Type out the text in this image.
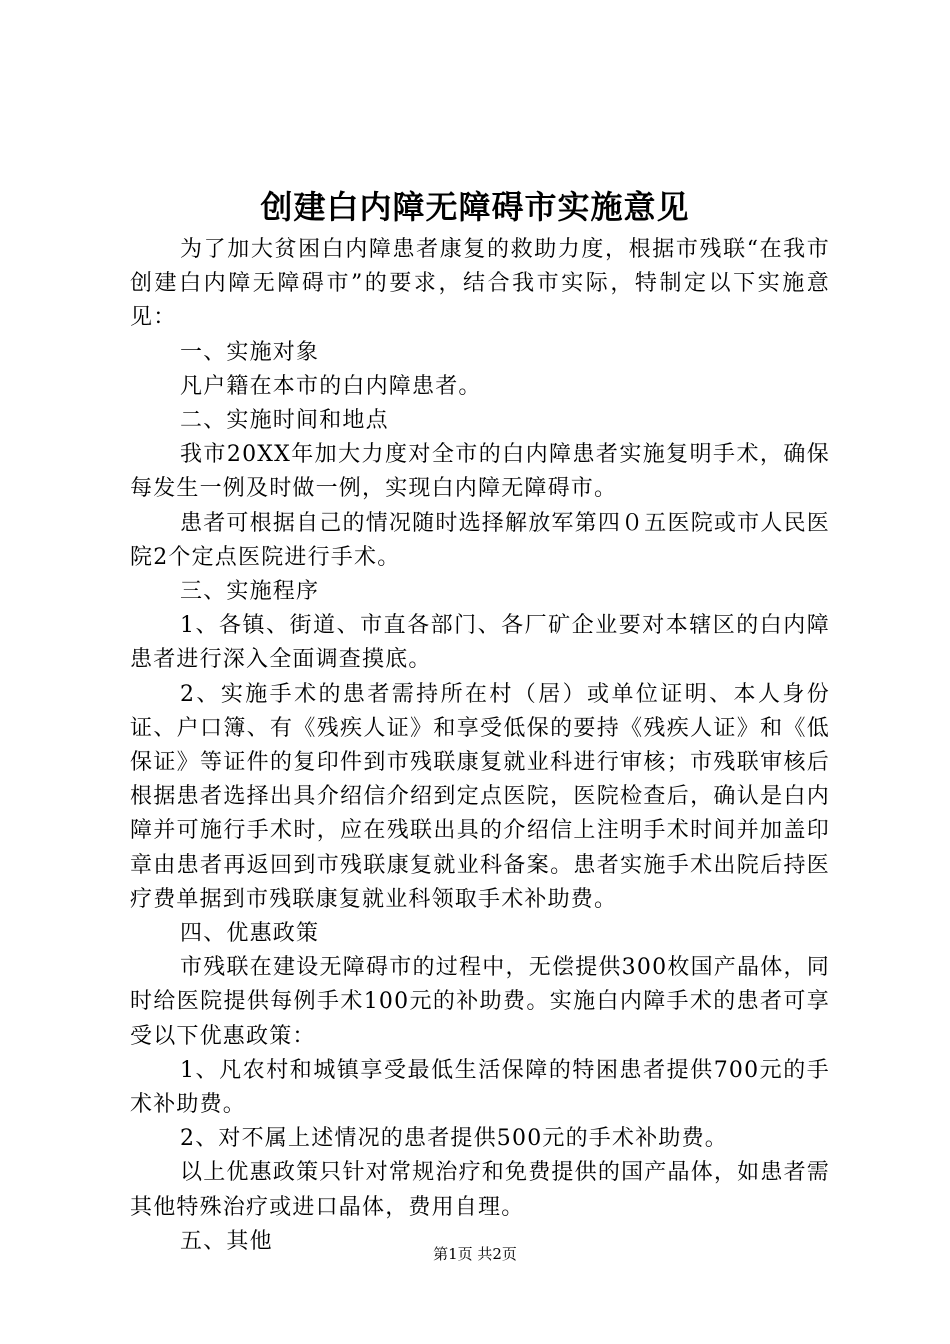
创建白内障无障碍市实施意见

为了加大贫困白内障患者康复的救助力度，根据市残联“在我市创建白内障无障碍市”的要求，结合我市实际，特制定以下实施意见：

一、实施对象

凡户籍在本市的白内障患者。

二、实施时间和地点

我市20XX年加大力度对全市的白内障患者实施复明手术，确保每发生一例及时做一例，实现白内障无障碍市。

患者可根据自己的情况随时选择解放军第四０五医院或市人民医院2个定点医院进行手术。

三、实施程序

1、各镇、街道、市直各部门、各厂矿企业要对本辖区的白内障患者进行深入全面调查摸底。

2、实施手术的患者需持所在村（居）或单位证明、本人身份证、户口簿、有《残疾人证》和享受低保的要持《残疾人证》和《低保证》等证件的复印件到市残联康复就业科进行审核；市残联审核后根据患者选择出具介绍信介绍到定点医院，医院检查后，确认是白内障并可施行手术时，应在残联出具的介绍信上注明手术时间并加盖印章由患者再返回到市残联康复就业科备案。患者实施手术出院后持医疗费单据到市残联康复就业科领取手术补助费。

四、优惠政策

市残联在建设无障碍市的过程中，无偿提供300枚国产晶体，同时给医院提供每例手术100元的补助费。实施白内障手术的患者可享受以下优惠政策：

1、凡农村和城镇享受最低生活保障的特困患者提供700元的手术补助费。

2、对不属上述情况的患者提供500元的手术补助费。

以上优惠政策只针对常规治疗和免费提供的国产晶体，如患者需其他特殊治疗或进口晶体，费用自理。

五、其他

第1页 共2页
